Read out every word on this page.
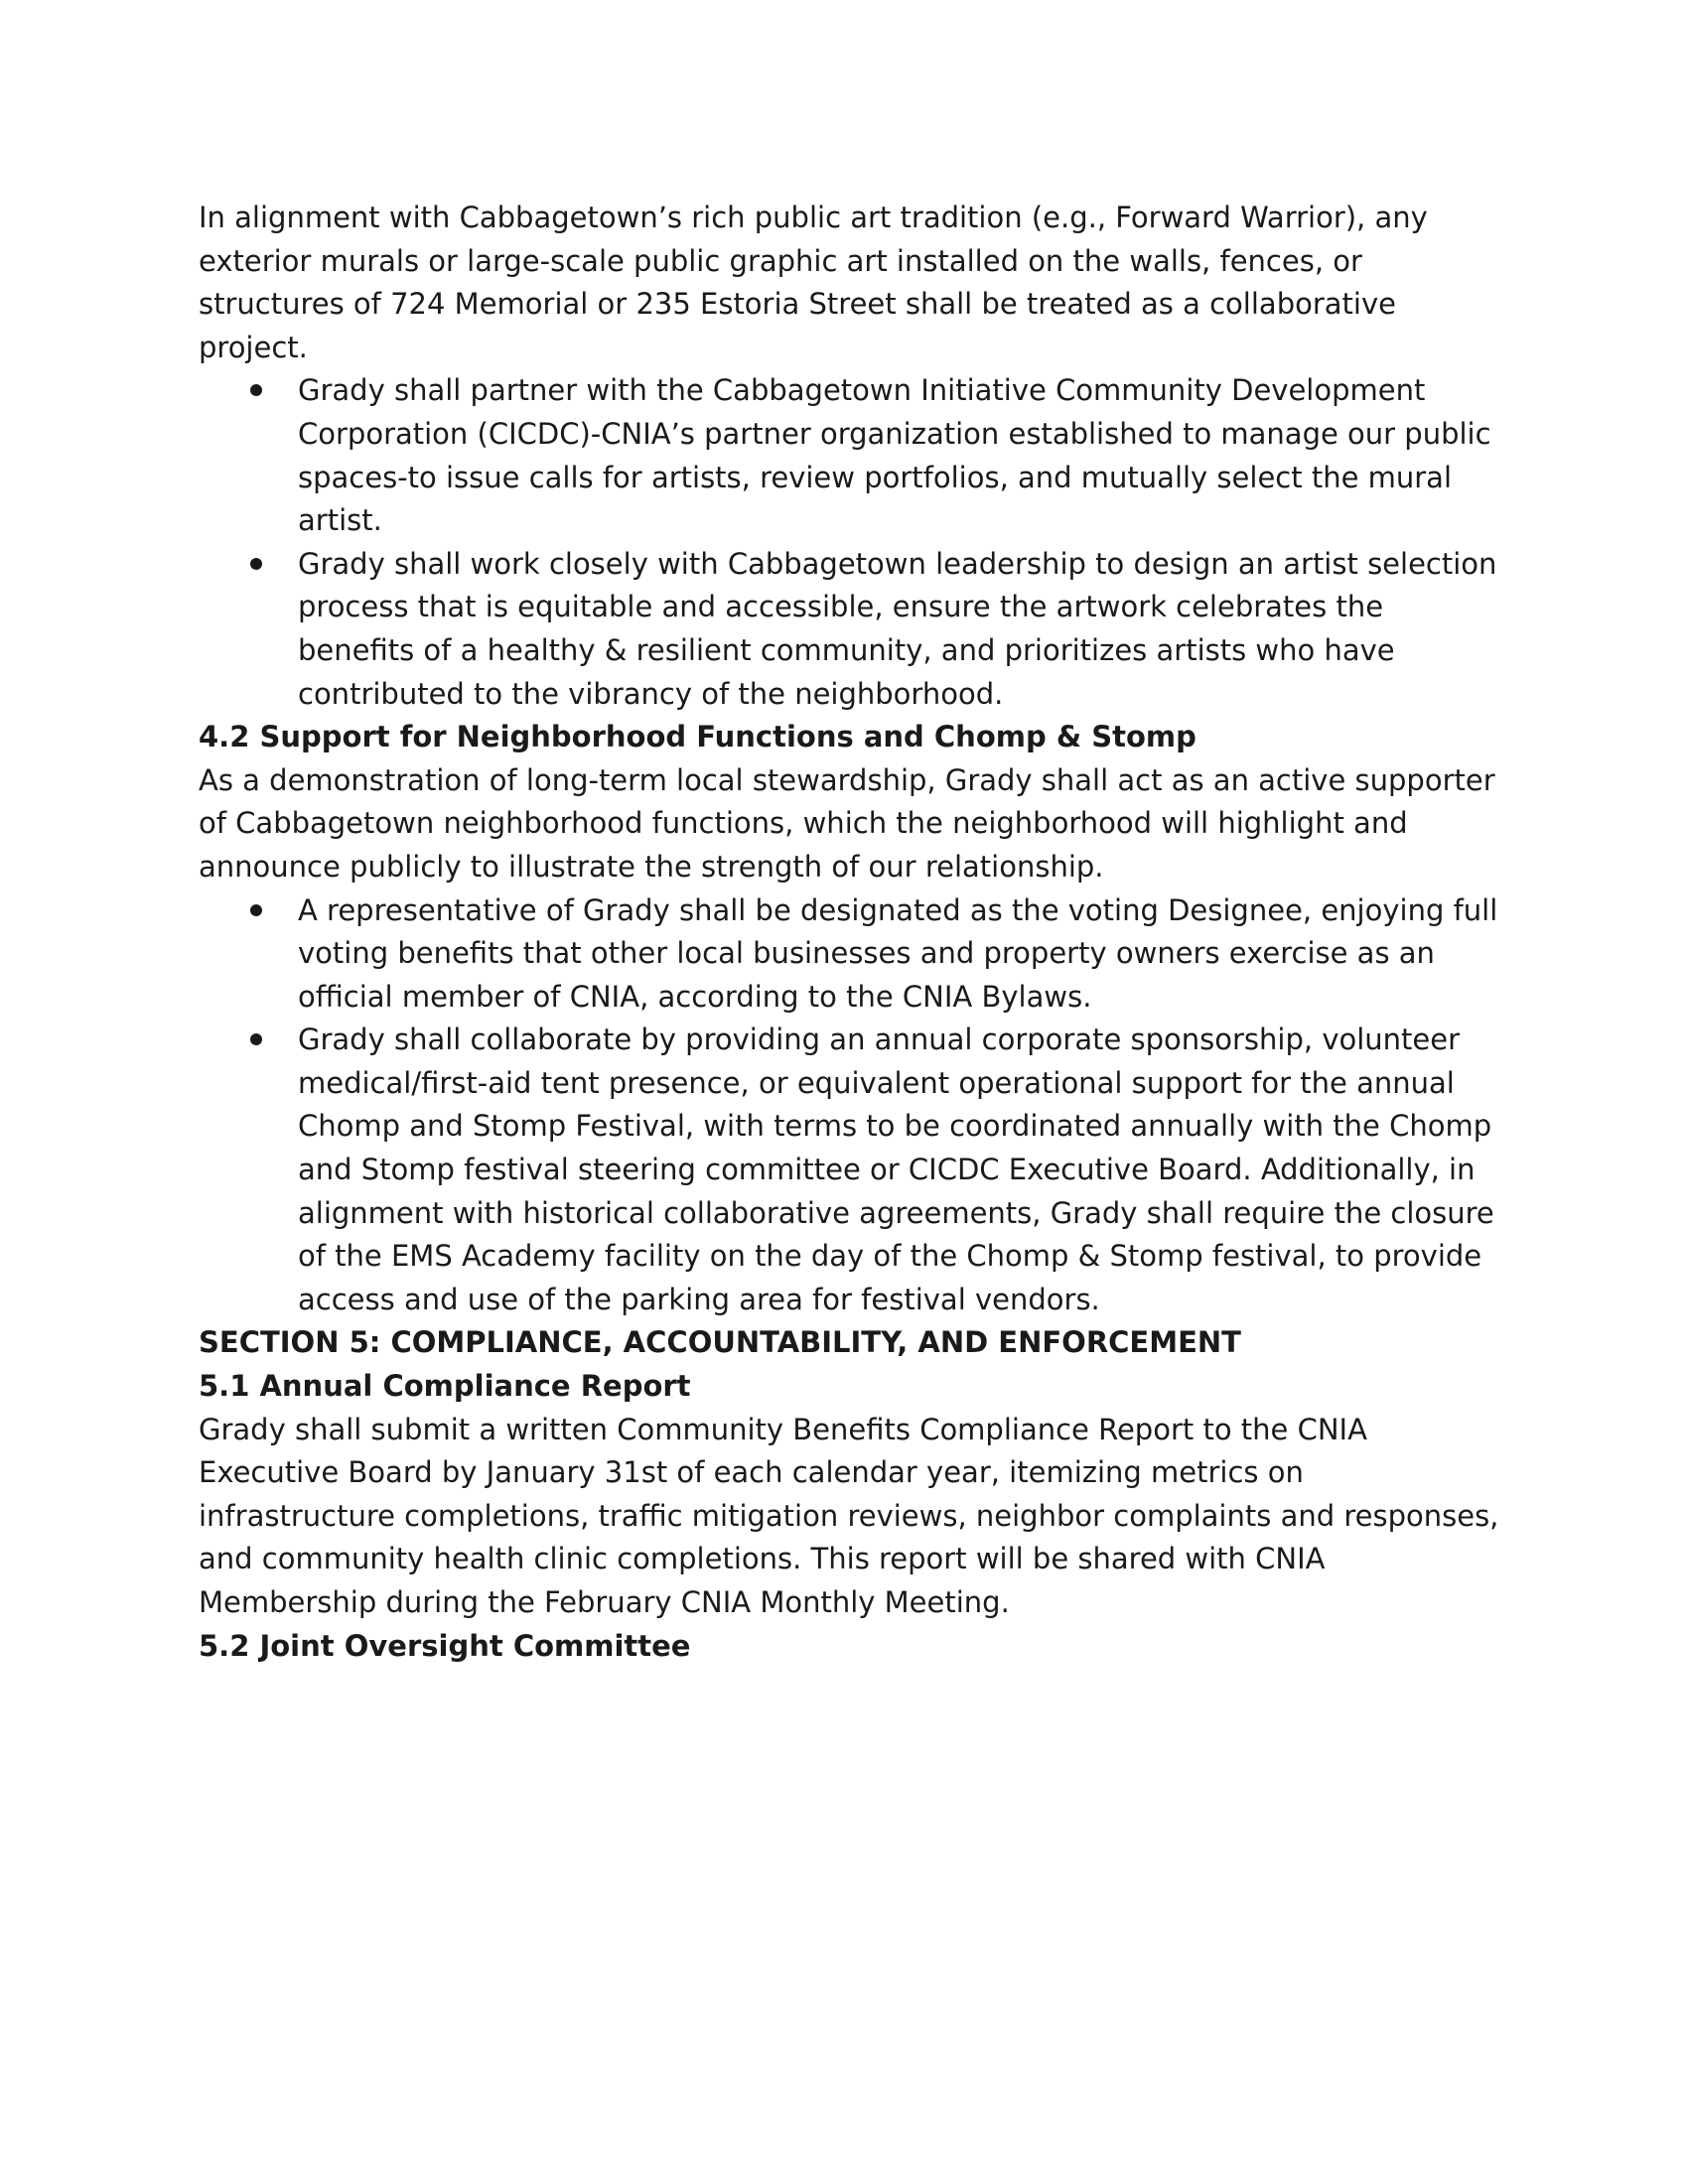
In alignment with Cabbagetown’s rich public art tradition (e.g., Forward Warrior), any exterior murals or large-scale public graphic art installed on the walls, fences, or structures of 724 Memorial or 235 Estoria Street shall be treated as a collaborative project.

Grady shall partner with the Cabbagetown Initiative Community Development Corporation (CICDC)-CNIA’s partner organization established to manage our public spaces-to issue calls for artists, review portfolios, and mutually select the mural artist.
Grady shall work closely with Cabbagetown leadership to design an artist selection process that is equitable and accessible, ensure the artwork celebrates the benefits of a healthy & resilient community, and prioritizes artists who have contributed to the vibrancy of the neighborhood.
4.2 Support for Neighborhood Functions and Chomp & Stomp

As a demonstration of long-term local stewardship, Grady shall act as an active supporter of Cabbagetown neighborhood functions, which the neighborhood will highlight and announce publicly to illustrate the strength of our relationship.

A representative of Grady shall be designated as the voting Designee, enjoying full voting benefits that other local businesses and property owners exercise as an official member of CNIA, according to the CNIA Bylaws.
Grady shall collaborate by providing an annual corporate sponsorship, volunteer medical/first-aid tent presence, or equivalent operational support for the annual Chomp and Stomp Festival, with terms to be coordinated annually with the Chomp and Stomp festival steering committee or CICDC Executive Board. Additionally, in alignment with historical collaborative agreements, Grady shall require the closure of the EMS Academy facility on the day of the Chomp & Stomp festival, to provide access and use of the parking area for festival vendors.
SECTION 5: COMPLIANCE, ACCOUNTABILITY, AND ENFORCEMENT
5.1 Annual Compliance Report

Grady shall submit a written Community Benefits Compliance Report to the CNIA Executive Board by January 31st of each calendar year, itemizing metrics on infrastructure completions, traffic mitigation reviews, neighbor complaints and responses, and community health clinic completions. This report will be shared with CNIA Membership during the February CNIA Monthly Meeting.

5.2 Joint Oversight Committee
